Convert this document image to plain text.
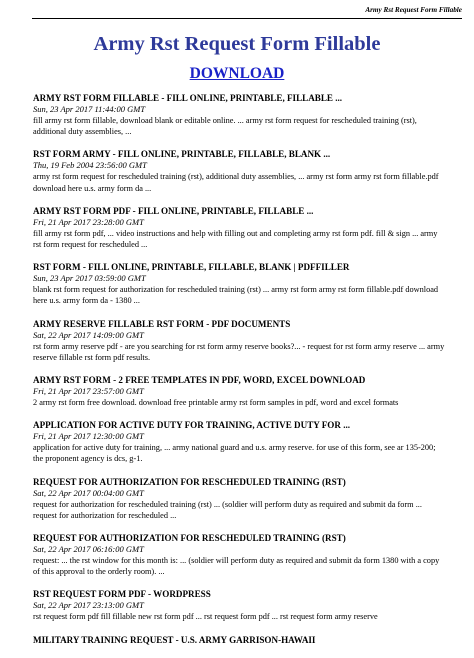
Army Rst Request Form Fillable
Army Rst Request Form Fillable
DOWNLOAD
ARMY RST FORM FILLABLE - FILL ONLINE, PRINTABLE, FILLABLE ...
Sun, 23 Apr 2017 11:44:00 GMT
fill army rst form fillable, download blank or editable online. ... army rst form request for rescheduled training (rst), additional duty assemblies, ...
RST FORM ARMY - FILL ONLINE, PRINTABLE, FILLABLE, BLANK ...
Thu, 19 Feb 2004 23:56:00 GMT
army rst form request for rescheduled training (rst), additional duty assemblies, ... army rst form army rst form fillable.pdf download here u.s. army form da ...
ARMY RST FORM PDF - FILL ONLINE, PRINTABLE, FILLABLE ...
Fri, 21 Apr 2017 23:28:00 GMT
fill army rst form pdf, ... video instructions and help with filling out and completing army rst form pdf. fill & sign ... army rst form request for rescheduled ...
RST FORM - FILL ONLINE, PRINTABLE, FILLABLE, BLANK | PDFFILLER
Sun, 23 Apr 2017 03:59:00 GMT
blank rst form request for authorization for rescheduled training (rst) ... army rst form army rst form fillable.pdf download here u.s. army form da - 1380 ...
ARMY RESERVE FILLABLE RST FORM - PDF DOCUMENTS
Sat, 22 Apr 2017 14:09:00 GMT
rst form army reserve pdf - are you searching for rst form army reserve books?... - request for rst form army reserve ... army reserve fillable rst form pdf results.
ARMY RST FORM - 2 FREE TEMPLATES IN PDF, WORD, EXCEL DOWNLOAD
Fri, 21 Apr 2017 23:57:00 GMT
2 army rst form free download. download free printable army rst form samples in pdf, word and excel formats
APPLICATION FOR ACTIVE DUTY FOR TRAINING, ACTIVE DUTY FOR ...
Fri, 21 Apr 2017 12:30:00 GMT
application for active duty for training, ... army national guard and u.s. army reserve. for use of this form, see ar 135-200; the proponent agency is dcs, g-1.
REQUEST FOR AUTHORIZATION FOR RESCHEDULED TRAINING (RST)
Sat, 22 Apr 2017 00:04:00 GMT
request for authorization for rescheduled training (rst) ... (soldier will perform duty as required and submit da form ... request for authorization for rescheduled ...
REQUEST FOR AUTHORIZATION FOR RESCHEDULED TRAINING (RST)
Sat, 22 Apr 2017 06:16:00 GMT
request: ... the rst window for this month is: ... (soldier will perform duty as required and submit da form 1380 with a copy of this approval to the orderly room). ...
RST REQUEST FORM PDF - WORDPRESS
Sat, 22 Apr 2017 23:13:00 GMT
rst request form pdf fill fillable new rst form pdf ... rst request form pdf ... rst request form army reserve
MILITARY TRAINING REQUEST - U.S. ARMY GARRISON-HAWAII
